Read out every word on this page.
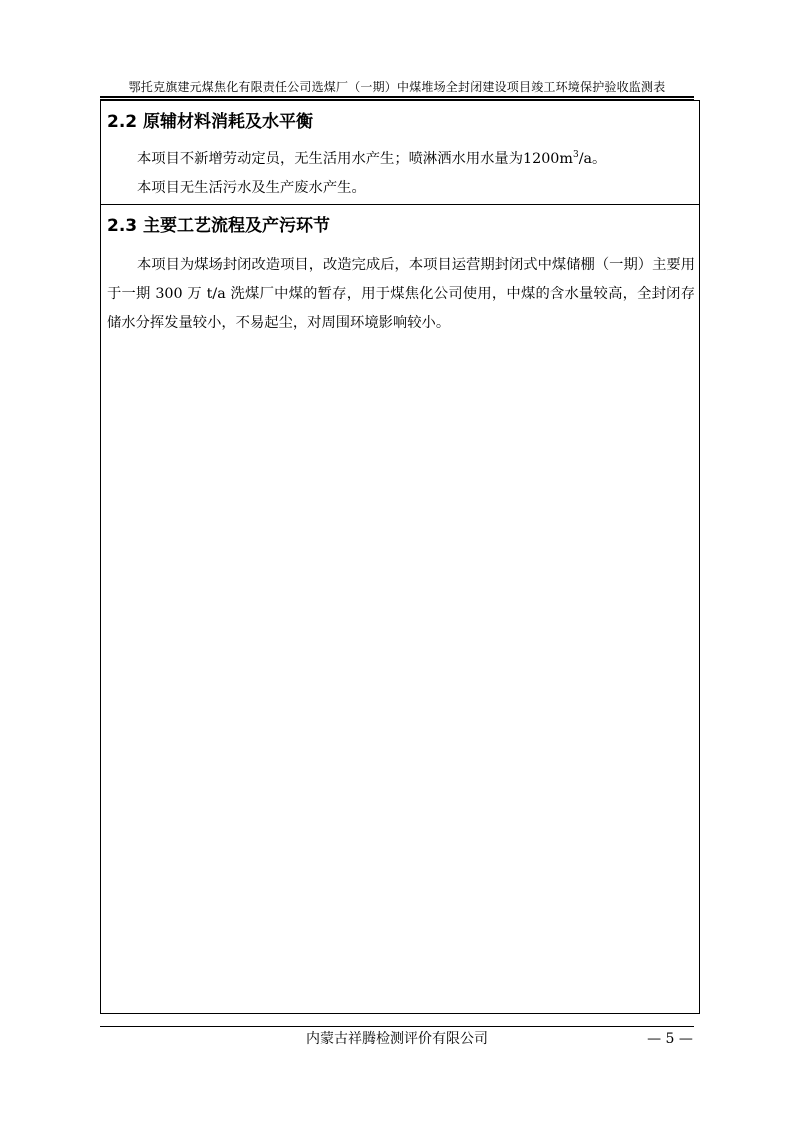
鄂托克旗建元煤焦化有限责任公司选煤厂（一期）中煤堆场全封闭建设项目竣工环境保护验收监测表
2.2 原辅材料消耗及水平衡

本项目不新增劳动定员，无生活用水产生；喷淋洒水用水量为$1200m^3/a$。

本项目无生活污水及生产废水产生。

2.3 主要工艺流程及产污环节

本项目为煤场封闭改造项目，改造完成后，本项目运营期封闭式中煤储棚（一期）主要用于一期 300 万 t/a 洗煤厂中煤的暂存，用于煤焦化公司使用，中煤的含水量较高，全封闭存储水分挥发量较小，不易起尘，对周围环境影响较小。

内蒙古祥腾检测评价有限公司	— 5 —
